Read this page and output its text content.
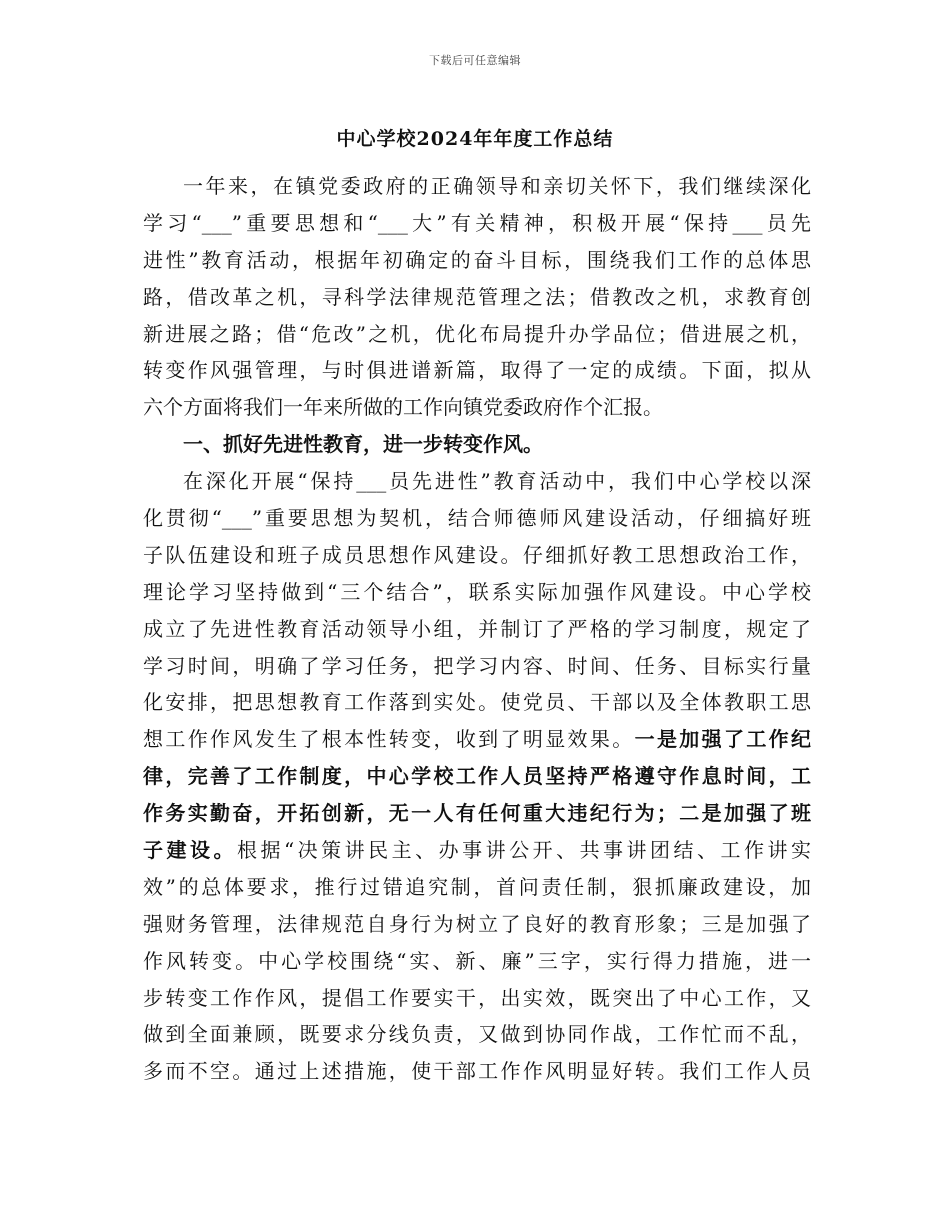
下载后可任意编辑
中心学校2024年年度工作总结
一年来，在镇党委政府的正确领导和亲切关怀下，我们继续深化
学习“___”重要思想和“___大”有关精神，积极开展“保持___员先
进性”教育活动，根据年初确定的奋斗目标，围绕我们工作的总体思
路，借改革之机，寻科学法律规范管理之法；借教改之机，求教育创
新进展之路；借“危改”之机，优化布局提升办学品位；借进展之机，
转变作风强管理，与时俱进谱新篇，取得了一定的成绩。下面，拟从
六个方面将我们一年来所做的工作向镇党委政府作个汇报。
一、抓好先进性教育，进一步转变作风。
在深化开展“保持___员先进性”教育活动中，我们中心学校以深
化贯彻“___”重要思想为契机，结合师德师风建设活动，仔细搞好班
子队伍建设和班子成员思想作风建设。仔细抓好教工思想政治工作，
理论学习坚持做到“三个结合”，联系实际加强作风建设。中心学校
成立了先进性教育活动领导小组，并制订了严格的学习制度，规定了
学习时间，明确了学习任务，把学习内容、时间、任务、目标实行量
化安排，把思想教育工作落到实处。使党员、干部以及全体教职工思
想工作作风发生了根本性转变，收到了明显效果。一是加强了工作纪
律，完善了工作制度，中心学校工作人员坚持严格遵守作息时间，工
作务实勤奋，开拓创新，无一人有任何重大违纪行为；二是加强了班
子建设。根据“决策讲民主、办事讲公开、共事讲团结、工作讲实
效”的总体要求，推行过错追究制，首问责任制，狠抓廉政建设，加
强财务管理，法律规范自身行为树立了良好的教育形象；三是加强了
作风转变。中心学校围绕“实、新、廉”三字，实行得力措施，进一
步转变工作作风，提倡工作要实干，出实效，既突出了中心工作，又
做到全面兼顾，既要求分线负责，又做到协同作战，工作忙而不乱，
多而不空。通过上述措施，使干部工作作风明显好转。我们工作人员
